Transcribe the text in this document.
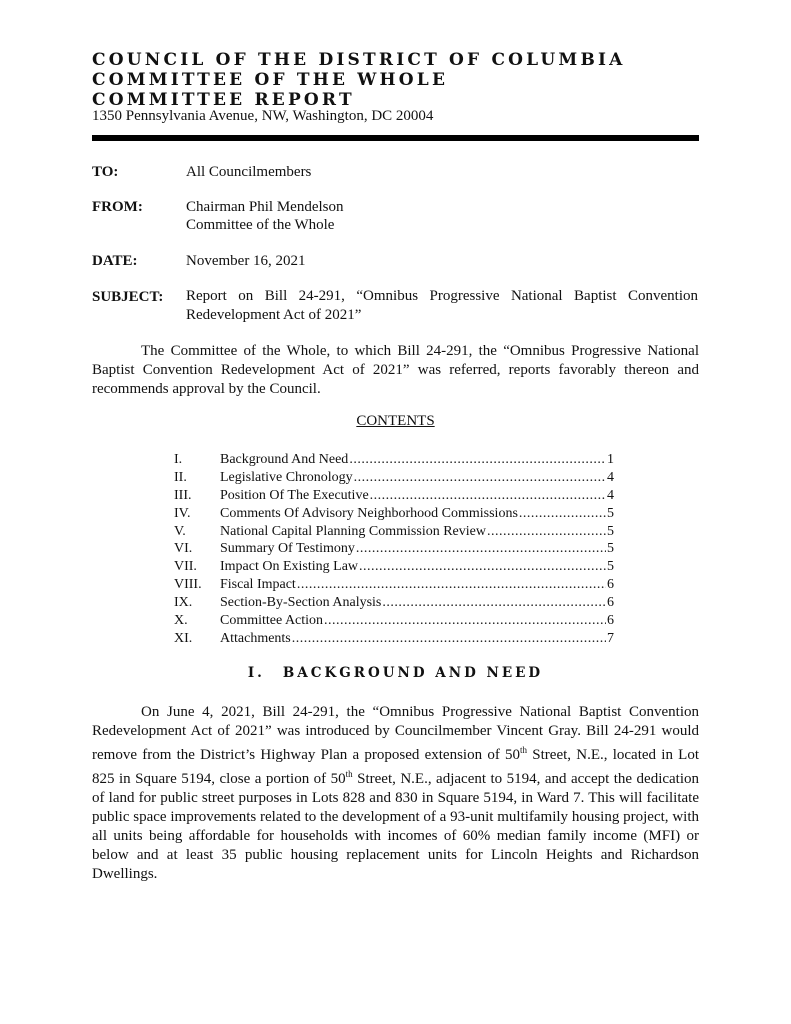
COUNCIL OF THE DISTRICT OF COLUMBIA
COMMITTEE OF THE WHOLE
COMMITTEE REPORT
1350 Pennsylvania Avenue, NW, Washington, DC 20004
TO:	All Councilmembers
FROM:	Chairman Phil Mendelson
Committee of the Whole
DATE:	November 16, 2021
SUBJECT: Report on Bill 24-291, “Omnibus Progressive National Baptist Convention Redevelopment Act of 2021”
The Committee of the Whole, to which Bill 24-291, the “Omnibus Progressive National Baptist Convention Redevelopment Act of 2021” was referred, reports favorably thereon and recommends approval by the Council.
CONTENTS
I.	Background And Need .....	1
II.	Legislative Chronology .....	4
III.	Position Of The Executive .....	4
IV.	Comments Of Advisory Neighborhood Commissions .....	5
V.	National Capital Planning Commission Review .....	5
VI.	Summary Of Testimony .....	5
VII.	Impact On Existing Law .....	5
VIII.	Fiscal Impact .....	6
IX.	Section-By-Section Analysis .....	6
X.	Committee Action .....	6
XI.	Attachments .....	7
I. BACKGROUND AND NEED
On June 4, 2021, Bill 24-291, the “Omnibus Progressive National Baptist Convention Redevelopment Act of 2021” was introduced by Councilmember Vincent Gray. Bill 24-291 would remove from the District’s Highway Plan a proposed extension of 50th Street, N.E., located in Lot 825 in Square 5194, close a portion of 50th Street, N.E., adjacent to 5194, and accept the dedication of land for public street purposes in Lots 828 and 830 in Square 5194, in Ward 7. This will facilitate public space improvements related to the development of a 93-unit multifamily housing project, with all units being affordable for households with incomes of 60% median family income (MFI) or below and at least 35 public housing replacement units for Lincoln Heights and Richardson Dwellings.
